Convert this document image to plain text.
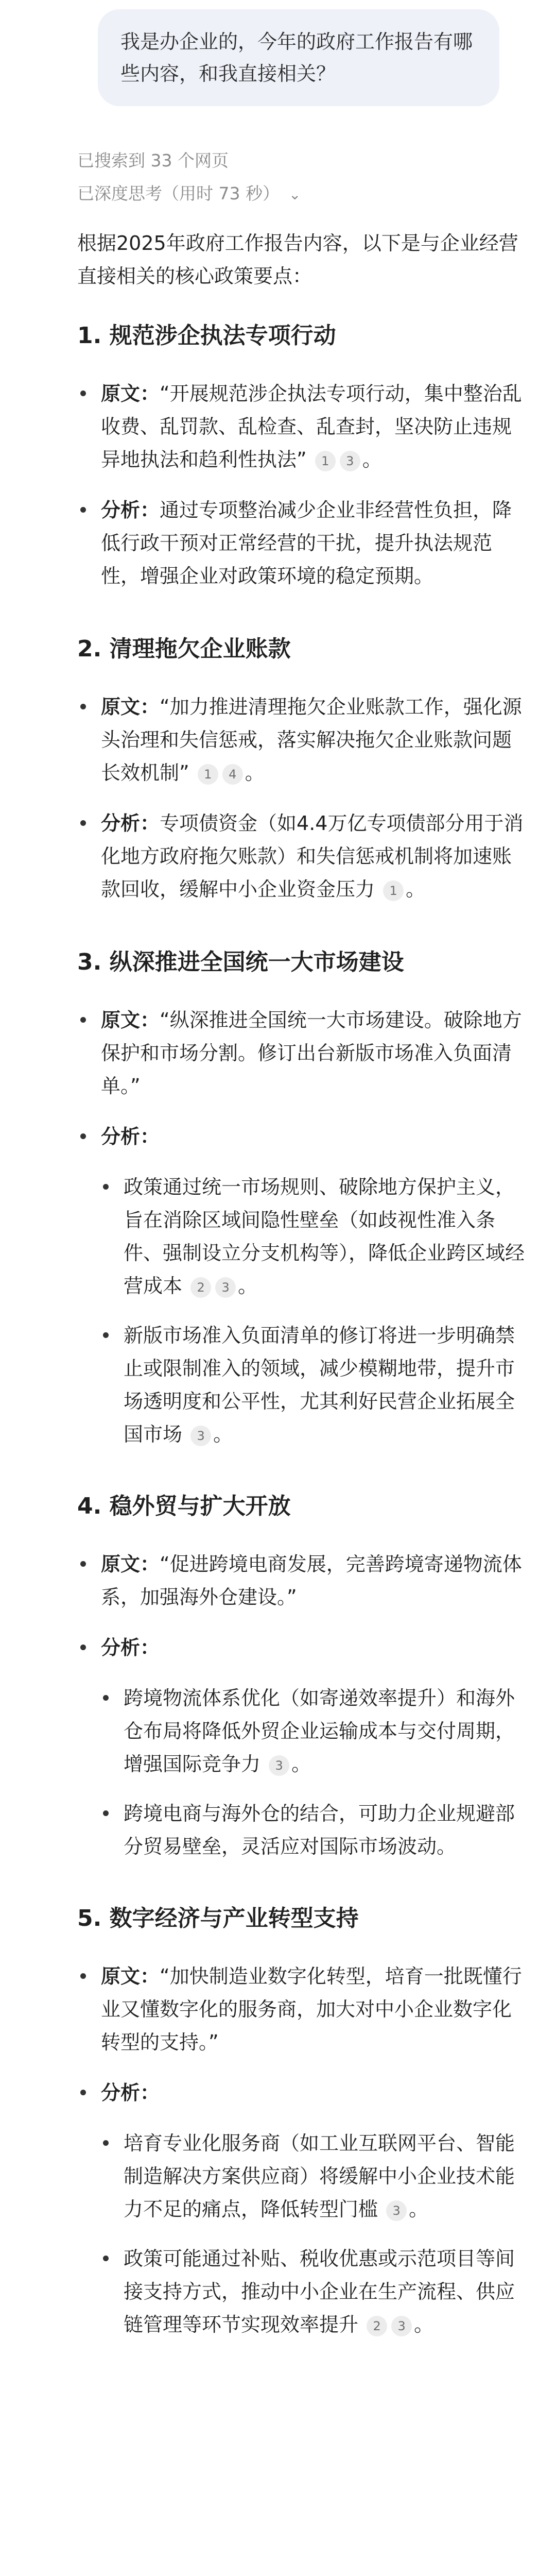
我是办企业的，今年的政府工作报告有哪些内容，和我直接相关？
已搜索到 33 个网页
已深度思考（用时 73 秒） ⌄

根据2025年政府工作报告内容，以下是与企业经营直接相关的核心政策要点：

1. 规范涉企执法专项行动
原文：“开展规范涉企执法专项行动，集中整治乱收费、乱罚款、乱检查、乱查封，坚决防止违规异地执法和趋利性执法” 1 3 。
分析：通过专项整治减少企业非经营性负担，降低行政干预对正常经营的干扰，提升执法规范性，增强企业对政策环境的稳定预期。
2. 清理拖欠企业账款
原文：“加力推进清理拖欠企业账款工作，强化源头治理和失信惩戒，落实解决拖欠企业账款问题长效机制” 1 4 。
分析：专项债资金（如4.4万亿专项债部分用于消化地方政府拖欠账款）和失信惩戒机制将加速账款回收，缓解中小企业资金压力 1 。
3. 纵深推进全国统一大市场建设
原文：“纵深推进全国统一大市场建设。破除地方保护和市场分割。修订出台新版市场准入负面清单。”
分析：
政策通过统一市场规则、破除地方保护主义，旨在消除区域间隐性壁垒（如歧视性准入条件、强制设立分支机构等），降低企业跨区域经营成本 2 3 。
新版市场准入负面清单的修订将进一步明确禁止或限制准入的领域，减少模糊地带，提升市场透明度和公平性，尤其利好民营企业拓展全国市场 3 。
4. 稳外贸与扩大开放
原文：“促进跨境电商发展，完善跨境寄递物流体系，加强海外仓建设。”
分析：
跨境物流体系优化（如寄递效率提升）和海外仓布局将降低外贸企业运输成本与交付周期，增强国际竞争力 3 。
跨境电商与海外仓的结合，可助力企业规避部分贸易壁垒，灵活应对国际市场波动。
5. 数字经济与产业转型支持
原文：“加快制造业数字化转型，培育一批既懂行业又懂数字化的服务商，加大对中小企业数字化转型的支持。”
分析：
培育专业化服务商（如工业互联网平台、智能制造解决方案供应商）将缓解中小企业技术能力不足的痛点，降低转型门槛 3 。
政策可能通过补贴、税收优惠或示范项目等间接支持方式，推动中小企业在生产流程、供应链管理等环节实现效率提升 2 3 。
